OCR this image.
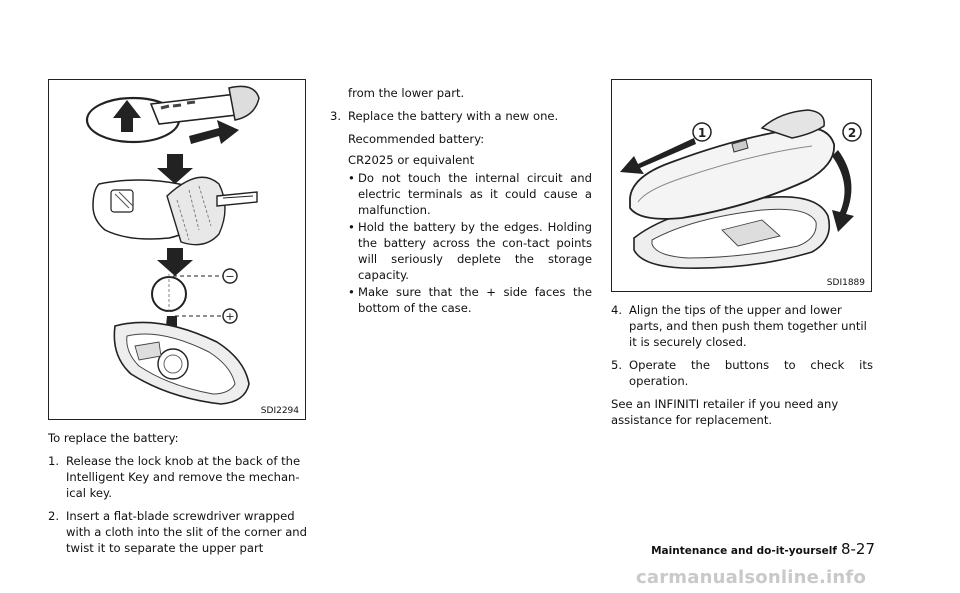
−
+
SDI2294

To replace the battery:

1. Release the lock knob at the back of the Intelligent Key and remove the mechan-ical key.
2. Insert a flat-blade screwdriver wrapped with a cloth into the slit of the corner and twist it to separate the upper part

from the lower part.

3. Replace the battery with a new one.

Recommended battery:

CR2025 or equivalent

• Do not touch the internal circuit and electric terminals as it could cause a malfunction.
• Hold the battery by the edges. Holding the battery across the con-tact points will seriously deplete the storage capacity.
• Make sure that the + side faces the bottom of the case.
1	2
SDI1889
4. Align the tips of the upper and lower parts, and then push them together until it is securely closed.
5. Operate the buttons to check its operation.

See an INFINITI retailer if you need any assistance for replacement.

Maintenance and do-it-yourself 8-27
carmanualsonline.info
